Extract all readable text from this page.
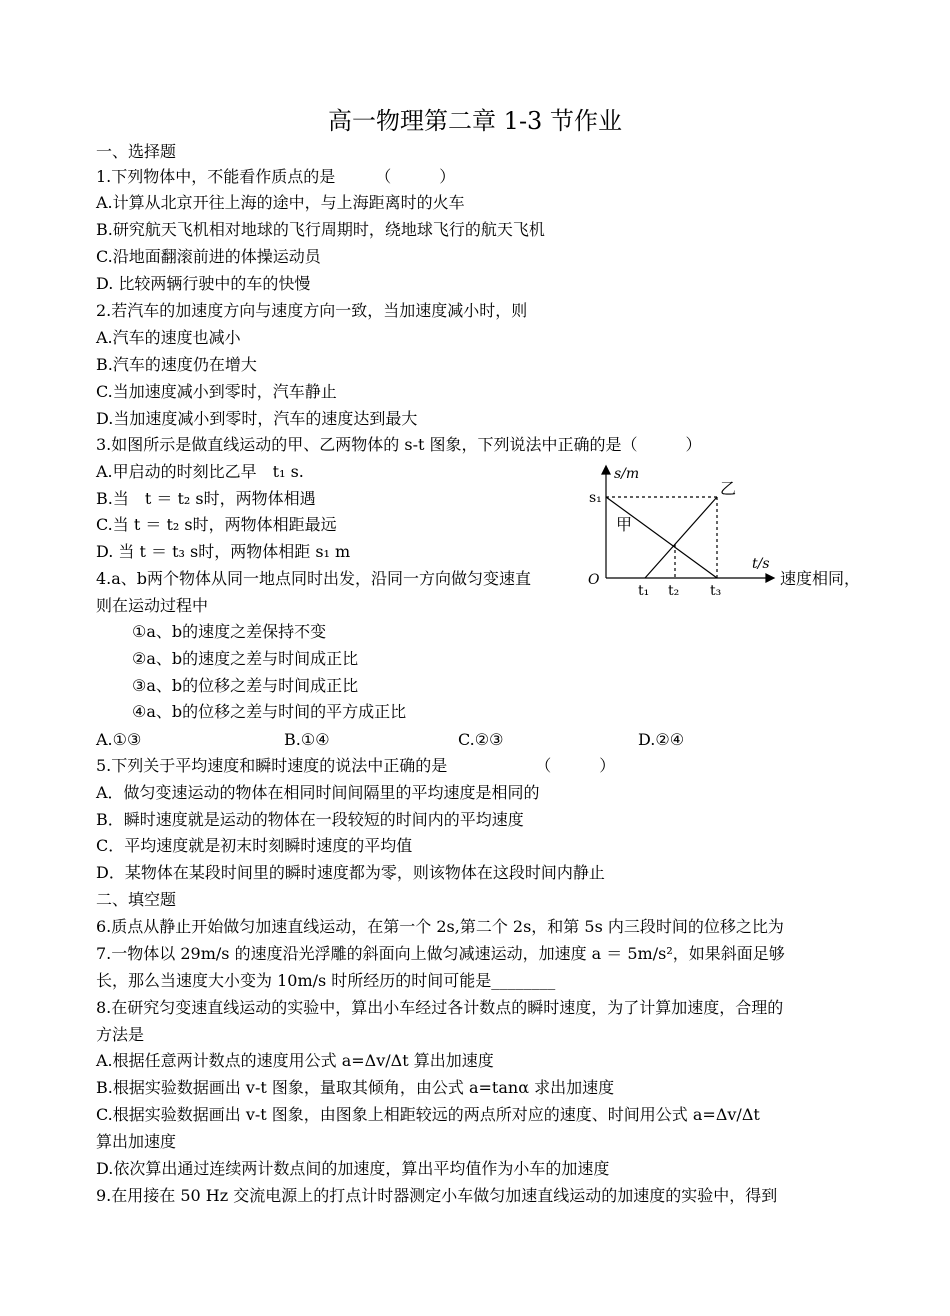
高一物理第二章 1-3 节作业
一、选择题
1.下列物体中，不能看作质点的是　　　（　　　）
A.计算从北京开往上海的途中，与上海距离时的火车
B.研究航天飞机相对地球的飞行周期时，绕地球飞行的航天飞机
C.沿地面翻滚前进的体操运动员
D. 比较两辆行驶中的车的快慢
2.若汽车的加速度方向与速度方向一致，当加速度减小时，则
A.汽车的速度也减小
B.汽车的速度仍在增大
C.当加速度减小到零时，汽车静止
D.当加速度减小到零时，汽车的速度达到最大
3.如图所示是做直线运动的甲、乙两物体的 s-t 图象，下列说法中正确的是（　　　）
A.甲启动的时刻比乙早　t₁ s.
B.当　t ＝ t₂ s时，两物体相遇
C.当 t ＝ t₂ s时，两物体相距最远
D. 当 t ＝ t₃ s时，两物体相距 s₁ m
4.a、b两个物体从同一地点同时出发，沿同一方向做匀变速直	速度相同，
则在运动过程中
①a、b的速度之差保持不变
②a、b的速度之差与时间成正比
③a、b的位移之差与时间成正比
④a、b的位移之差与时间的平方成正比
A.①③	B.①④	C.②③	D.②④
5.下列关于平均速度和瞬时速度的说法中正确的是　　　　　　（　　　）
A．做匀变速运动的物体在相同时间间隔里的平均速度是相同的
B．瞬时速度就是运动的物体在一段较短的时间内的平均速度
C．平均速度就是初末时刻瞬时速度的平均值
D．某物体在某段时间里的瞬时速度都为零，则该物体在这段时间内静止
二、填空题
6.质点从静止开始做匀加速直线运动，在第一个 2s,第二个 2s，和第 5s 内三段时间的位移之比为
7.一物体以 29m/s 的速度沿光浮雕的斜面向上做匀减速运动，加速度 a ＝ 5m/s²，如果斜面足够
长，那么当速度大小变为 10m/s 时所经历的时间可能是________
8.在研究匀变速直线运动的实验中，算出小车经过各计数点的瞬时速度，为了计算加速度，合理的
方法是
A.根据任意两计数点的速度用公式 a=Δv/Δt 算出加速度
B.根据实验数据画出 v-t 图象，量取其倾角，由公式 a=tanα 求出加速度
C.根据实验数据画出 v-t 图象，由图象上相距较远的两点所对应的速度、时间用公式 a=Δv/Δt
算出加速度
D.依次算出通过连续两计数点间的加速度，算出平均值作为小车的加速度
9.在用接在 50 Hz 交流电源上的打点计时器测定小车做匀加速直线运动的加速度的实验中，得到
s/m
t/s
O
s₁
t₁ t₂ t₃
甲
乙
